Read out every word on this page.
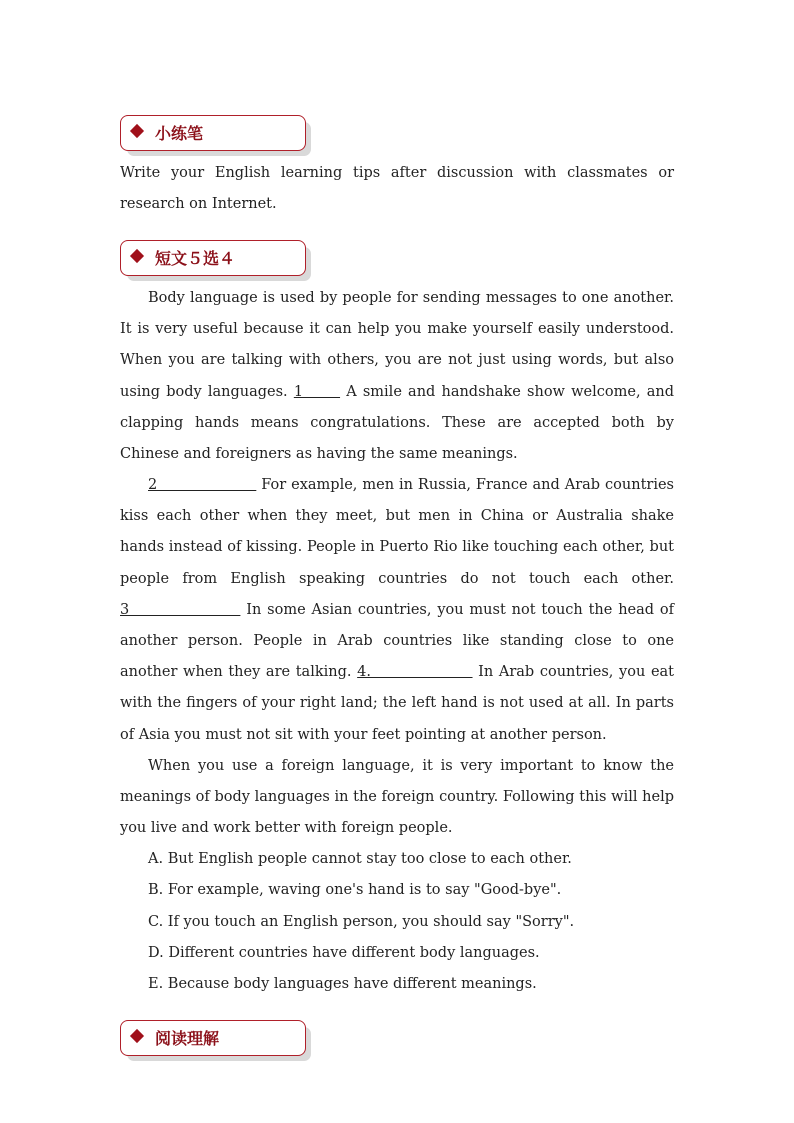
小练笔
Write your English learning tips after discussion with classmates or research on Internet.
短文５选４
Body language is used by people for sending messages to one another. It is very useful because it can help you make yourself easily understood. When you are talking with others, you are not just using words, but also using body languages. 1       A smile and handshake show welcome, and clapping hands means congratulations. These are accepted both by Chinese and foreigners as having the same meanings.
2                     For example, men in Russia, France and Arab countries kiss each other when they meet, but men in China or Australia shake hands instead of kissing. People in Puerto Rio like touching each other, but people from English speaking countries do not touch each other. 3                    In some Asian countries, you must not touch the head of another person. People in Arab countries like standing close to one another when they are talking. 4.                   In Arab countries, you eat with the fingers of your right land; the left hand is not used at all. In parts of Asia you must not sit with your feet pointing at another person.
When you use a foreign language, it is very important to know the meanings of body languages in the foreign country. Following this will help you live and work better with foreign people.
A. But English people cannot stay too close to each other.
B. For example, waving one's hand is to say "Good-bye".
C. If you touch an English person, you should say "Sorry".
D. Different countries have different body languages.
E. Because body languages have different meanings.
阅读理解
